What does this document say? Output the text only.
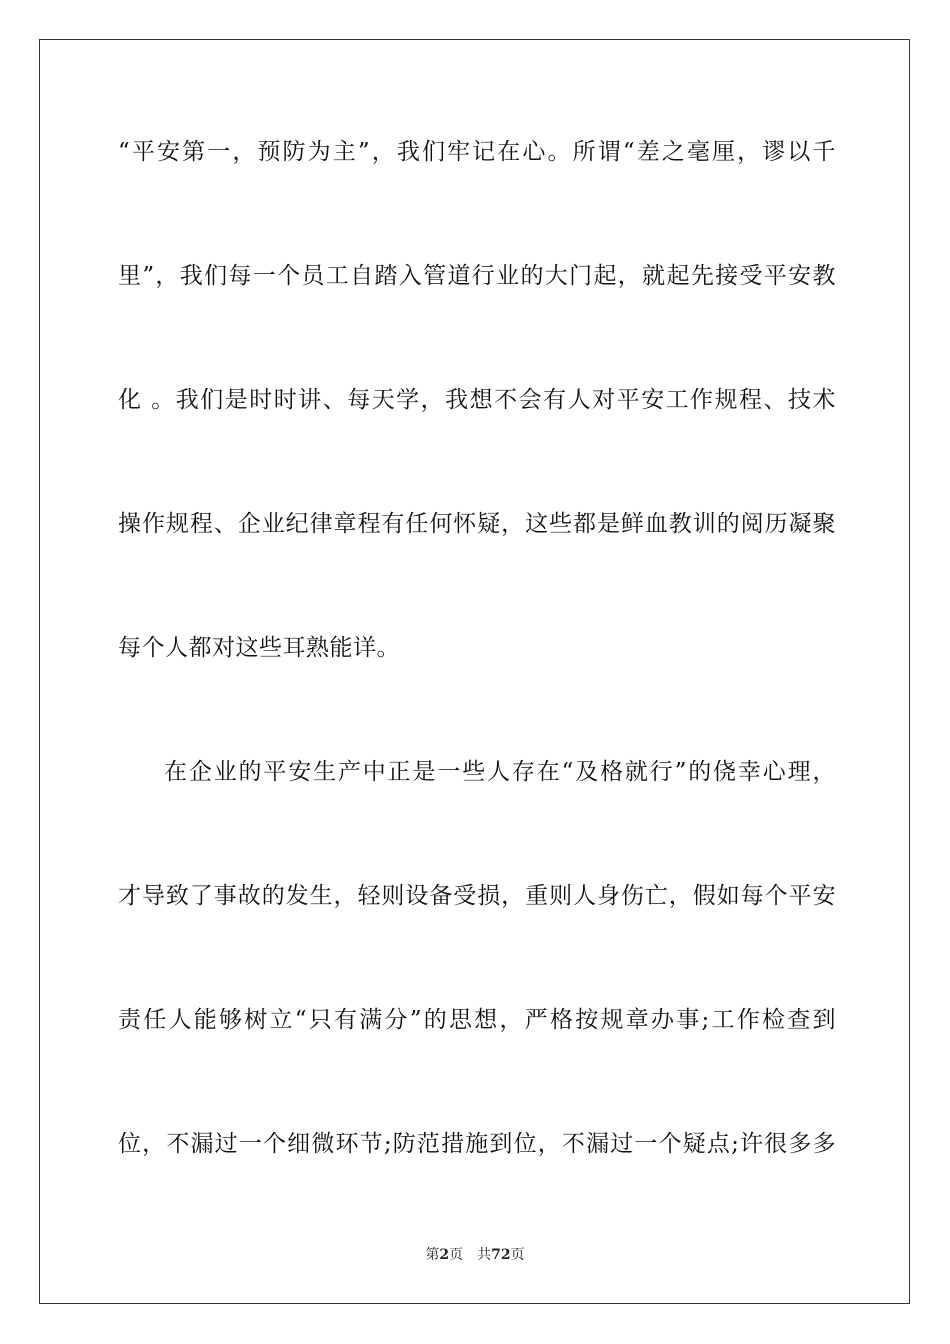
“平安第一，预防为主”，我们牢记在心。所谓“差之毫厘，谬以千
里”，我们每一个员工自踏入管道行业的大门起，就起先接受平安教
化 。我们是时时讲、每天学，我想不会有人对平安工作规程、技术
操作规程、企业纪律章程有任何怀疑，这些都是鲜血教训的阅历凝聚
每个人都对这些耳熟能详。
在企业的平安生产中正是一些人存在“及格就行”的侥幸心理，
才导致了事故的发生，轻则设备受损，重则人身伤亡，假如每个平安
责任人能够树立“只有满分”的思想，严格按规章办事;工作检查到
位，不漏过一个细微环节;防范措施到位，不漏过一个疑点;许很多多
第2页 共72页
